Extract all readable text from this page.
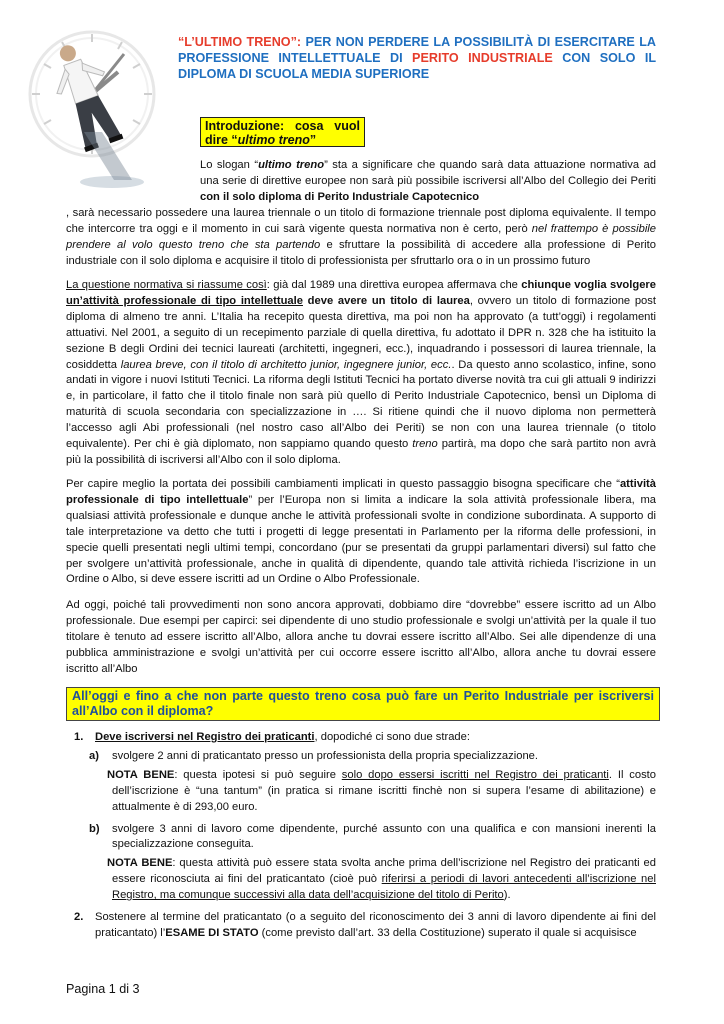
“L’ULTIMO TRENO”: PER NON PERDERE LA POSSIBILITÀ DI ESERCITARE LA PROFESSIONE INTELLETTUALE DI PERITO INDUSTRIALE CON SOLO IL DIPLOMA DI SCUOLA MEDIA SUPERIORE
Introduzione: cosa vuol
dire “ultimo treno”

Lo slogan “ultimo treno” sta a significare che quando sarà data attuazione normativa ad una serie di direttive europee non sarà più possibile iscriversi all’Albo del Collegio dei Periti con il solo diploma di Perito Industriale Capotecnico

, sarà necessario possedere una laurea triennale o un titolo di formazione triennale post diploma equivalente. Il tempo che intercorre tra oggi e il momento in cui sarà vigente questa normativa non è certo, però nel frattempo è possibile prendere al volo questo treno che sta partendo e sfruttare la possibilità di accedere alla professione di Perito industriale con il solo diploma e acquisire il titolo di professionista per sfruttarlo ora o in un prossimo futuro

La questione normativa si riassume così: già dal 1989 una direttiva europea affermava che chiunque voglia svolgere un’attività professionale di tipo intellettuale deve avere un titolo di laurea, ovvero un titolo di formazione post diploma di almeno tre anni. L’Italia ha recepito questa direttiva, ma poi non ha approvato (a tutt’oggi) i regolamenti attuativi. Nel 2001, a seguito di un recepimento parziale di quella direttiva, fu adottato il DPR n. 328 che ha istituito la sezione B degli Ordini dei tecnici laureati (architetti, ingegneri, ecc.), inquadrando i possessori di laurea triennale, la cosiddetta laurea breve, con il titolo di architetto junior, ingegnere junior, ecc.. Da questo anno scolastico, infine, sono andati in vigore i nuovi Istituti Tecnici. La riforma degli Istituti Tecnici ha portato diverse novità tra cui gli attuali 9 indirizzi e, in particolare, il fatto che il titolo finale non sarà più quello di Perito Industriale Capotecnico, bensì un Diploma di maturità di scuola secondaria con specializzazione in …. Si ritiene quindi che il nuovo diploma non permetterà l’accesso agli Abi professionali (nel nostro caso all’Albo dei Periti) se non con una laurea triennale (o titolo equivalente). Per chi è già diplomato, non sappiamo quando questo treno partirà, ma dopo che sarà partito non avrà più la possibilità di iscriversi all’Albo con il solo diploma.

Per capire meglio la portata dei possibili cambiamenti implicati in questo passaggio bisogna specificare che “attività professionale di tipo intellettuale” per l’Europa non si limita a indicare la sola attività professionale libera, ma qualsiasi attività professionale e dunque anche le attività professionali svolte in condizione subordinata. A supporto di tale interpretazione va detto che tutti i progetti di legge presentati in Parlamento per la riforma delle professioni, in specie quelli presentati negli ultimi tempi, concordano (pur se presentati da gruppi parlamentari diversi) sul fatto che per svolgere un’attività professionale, anche in qualità di dipendente, quando tale attività richieda l’iscrizione in un Ordine o Albo, si deve essere iscritti ad un Ordine o Albo Professionale.

Ad oggi, poiché tali provvedimenti non sono ancora approvati, dobbiamo dire “dovrebbe” essere iscritto ad un Albo professionale. Due esempi per capirci: sei dipendente di uno studio professionale e svolgi un’attività per la quale il tuo titolare è tenuto ad essere iscritto all’Albo, allora anche tu dovrai essere iscritto all’Albo. Sei alle dipendenze di una pubblica amministrazione e svolgi un’attività per cui occorre essere iscritto all’Albo, allora anche tu dovrai essere iscritto all’Albo

All’oggi e fino a che non parte questo treno cosa può fare un Perito Industriale per iscriversi all’Albo con il diploma?
1. Deve iscriversi nel Registro dei praticanti, dopodiché ci sono due strade:
a) svolgere 2 anni di praticantato presso un professionista della propria specializzazione.
NOTA BENE: questa ipotesi si può seguire solo dopo essersi iscritti nel Registro dei praticanti. Il costo dell’iscrizione è “una tantum” (in pratica si rimane iscritti finchè non si supera l’esame di abilitazione) e attualmente è di 293,00 euro.
b) svolgere 3 anni di lavoro come dipendente, purché assunto con una qualifica e con mansioni inerenti la specializzazione conseguita.
NOTA BENE: questa attività può essere stata svolta anche prima dell’iscrizione nel Registro dei praticanti ed essere riconosciuta ai fini del praticantato (cioè può riferirsi a periodi di lavori antecedenti all’iscrizione nel Registro, ma comunque successivi alla data dell’acquisizione del titolo di Perito).
2. Sostenere al termine del praticantato (o a seguito del riconoscimento dei 3 anni di lavoro dipendente ai fini del praticantato) l’ESAME DI STATO (come previsto dall’art. 33 della Costituzione) superato il quale si acquisisce
Pagina 1 di 3
